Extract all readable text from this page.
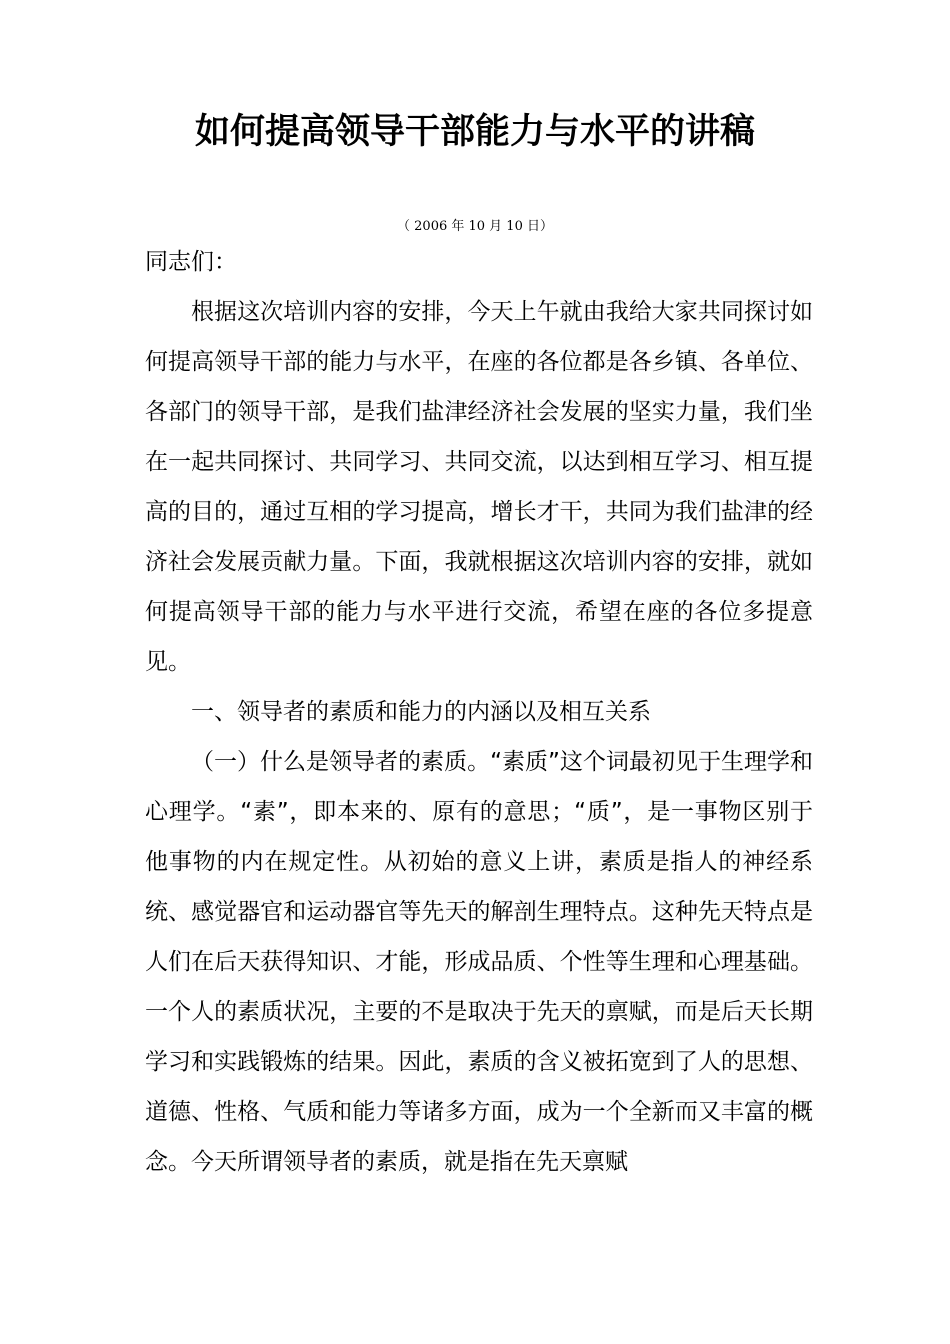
如何提高领导干部能力与水平的讲稿
（ 2006 年 10 月 10 日）

同志们：

根据这次培训内容的安排，今天上午就由我给大家共同探讨如何提高领导干部的能力与水平，在座的各位都是各乡镇、各单位、各部门的领导干部，是我们盐津经济社会发展的坚实力量，我们坐在一起共同探讨、共同学习、共同交流，以达到相互学习、相互提高的目的，通过互相的学习提高，增长才干，共同为我们盐津的经济社会发展贡献力量。下面，我就根据这次培训内容的安排，就如何提高领导干部的能力与水平进行交流，希望在座的各位多提意见。

一、领导者的素质和能力的内涵以及相互关系

（一）什么是领导者的素质。“素质”这个词最初见于生理学和心理学。“素”，即本来的、原有的意思；“质”，是一事物区别于他事物的内在规定性。从初始的意义上讲，素质是指人的神经系统、感觉器官和运动器官等先天的解剖生理特点。这种先天特点是人们在后天获得知识、才能，形成品质、个性等生理和心理基础。一个人的素质状况，主要的不是取决于先天的禀赋，而是后天长期学习和实践锻炼的结果。因此，素质的含义被拓宽到了人的思想、道德、性格、气质和能力等诸多方面，成为一个全新而又丰富的概念。今天所谓领导者的素质，就是指在先天禀赋
